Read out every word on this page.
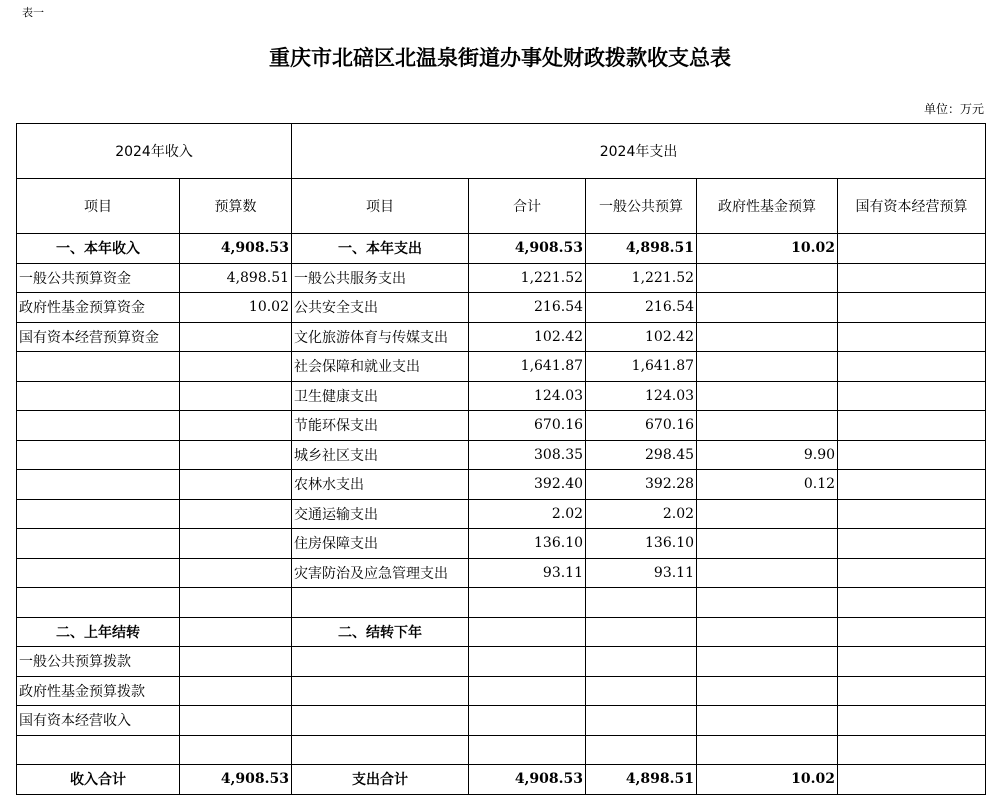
表一
重庆市北碚区北温泉街道办事处财政拨款收支总表
单位：万元
2024年收入		2024年支出				
项目	预算数	项目	合计	一般公共预算	政府性基金预算	国有资本经营预算
一、本年收入	4,908.53	一、本年支出	4,908.53	4,898.51	10.02	
一般公共预算资金	4,898.51	一般公共服务支出	1,221.52	1,221.52		
政府性基金预算资金	10.02	公共安全支出	216.54	216.54		
国有资本经营预算资金		文化旅游体育与传媒支出	102.42	102.42		
		社会保障和就业支出	1,641.87	1,641.87		
		卫生健康支出	124.03	124.03		
		节能环保支出	670.16	670.16		
		城乡社区支出	308.35	298.45	9.90	
		农林水支出	392.40	392.28	0.12	
		交通运输支出	2.02	2.02		
		住房保障支出	136.10	136.10		
		灾害防治及应急管理支出	93.11	93.11		

二、上年结转		二、结转下年				
一般公共预算拨款						
政府性基金预算拨款						
国有资本经营收入						

收入合计	4,908.53	支出合计	4,908.53	4,898.51	10.02	
